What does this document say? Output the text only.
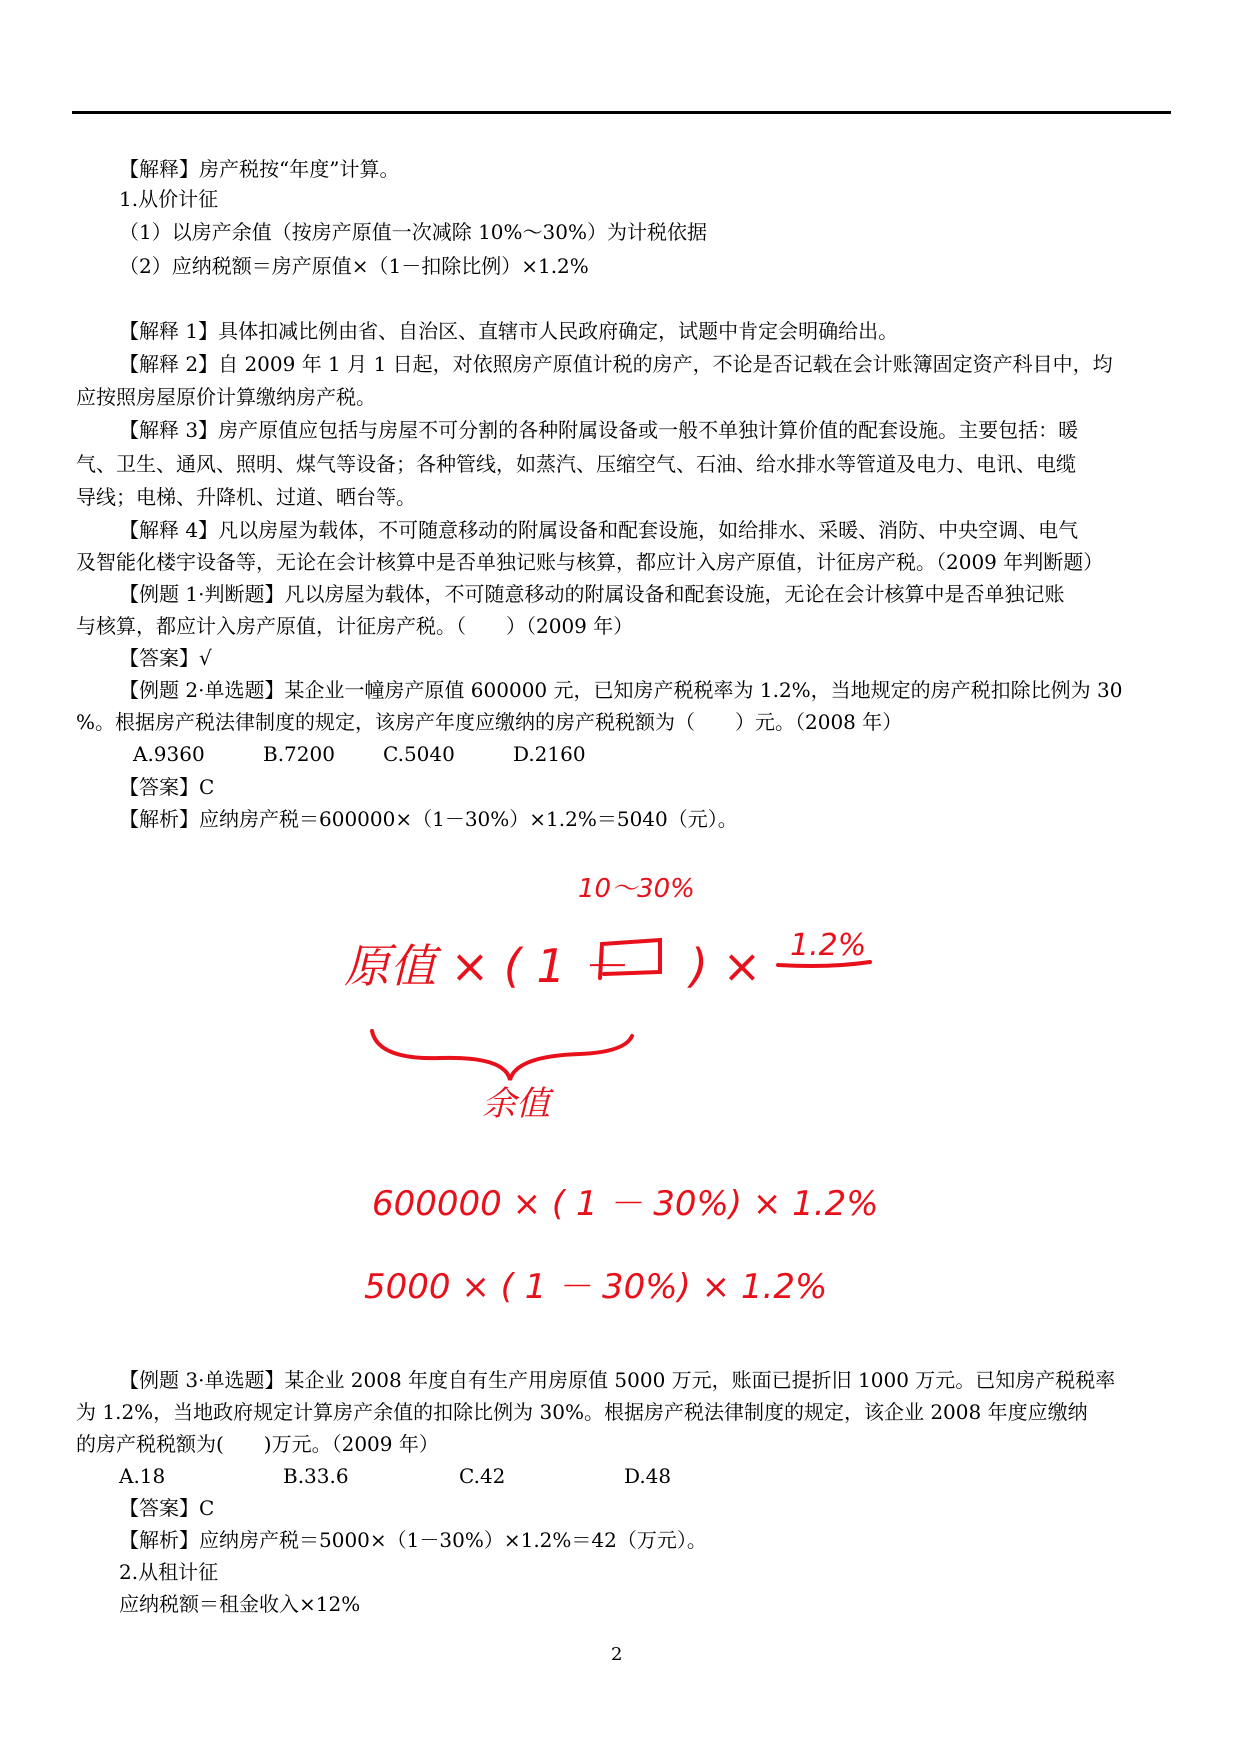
【解释】房产税按“年度”计算。
1.从价计征
（1）以房产余值（按房产原值一次减除 10%～30%）为计税依据
（2）应纳税额＝房产原值×（1－扣除比例）×1.2%
【解释 1】具体扣减比例由省、自治区、直辖市人民政府确定，试题中肯定会明确给出。
【解释 2】自 2009 年 1 月 1 日起，对依照房产原值计税的房产，不论是否记载在会计账簿固定资产科目中，均
应按照房屋原价计算缴纳房产税。
【解释 3】房产原值应包括与房屋不可分割的各种附属设备或一般不单独计算价值的配套设施。主要包括：暖
气、卫生、通风、照明、煤气等设备；各种管线，如蒸汽、压缩空气、石油、给水排水等管道及电力、电讯、电缆
导线；电梯、升降机、过道、晒台等。
【解释 4】凡以房屋为载体，不可随意移动的附属设备和配套设施，如给排水、采暖、消防、中央空调、电气
及智能化楼宇设备等，无论在会计核算中是否单独记账与核算，都应计入房产原值，计征房产税。（2009 年判断题）
【例题 1·判断题】凡以房屋为载体，不可随意移动的附属设备和配套设施，无论在会计核算中是否单独记账
与核算，都应计入房产原值，计征房产税。（　　）（2009 年）
【答案】√
【例题 2·单选题】某企业一幢房产原值 600000 元，已知房产税税率为 1.2%，当地规定的房产税扣除比例为 30
%。根据房产税法律制度的规定，该房产年度应缴纳的房产税税额为（　　）元。（2008 年）
A.9360	B.7200 C.5040	D.2160
【答案】C
【解析】应纳房产税＝600000×（1－30%）×1.2%＝5040（元）。
10～30%
原值 × ( 1 － ) × 1.2%
余值
600000 × ( 1 － 30%) × 1.2%
5000 × ( 1 － 30%) × 1.2%
【例题 3·单选题】某企业 2008 年度自有生产用房原值 5000 万元，账面已提折旧 1000 万元。已知房产税税率
为 1.2%，当地政府规定计算房产余值的扣除比例为 30%。根据房产税法律制度的规定，该企业 2008 年度应缴纳
的房产税税额为(　　)万元。（2009 年）
A.18	B.33.6	C.42	D.48
【答案】C
【解析】应纳房产税＝5000×（1－30%）×1.2%＝42（万元）。
2.从租计征
应纳税额＝租金收入×12%
2
